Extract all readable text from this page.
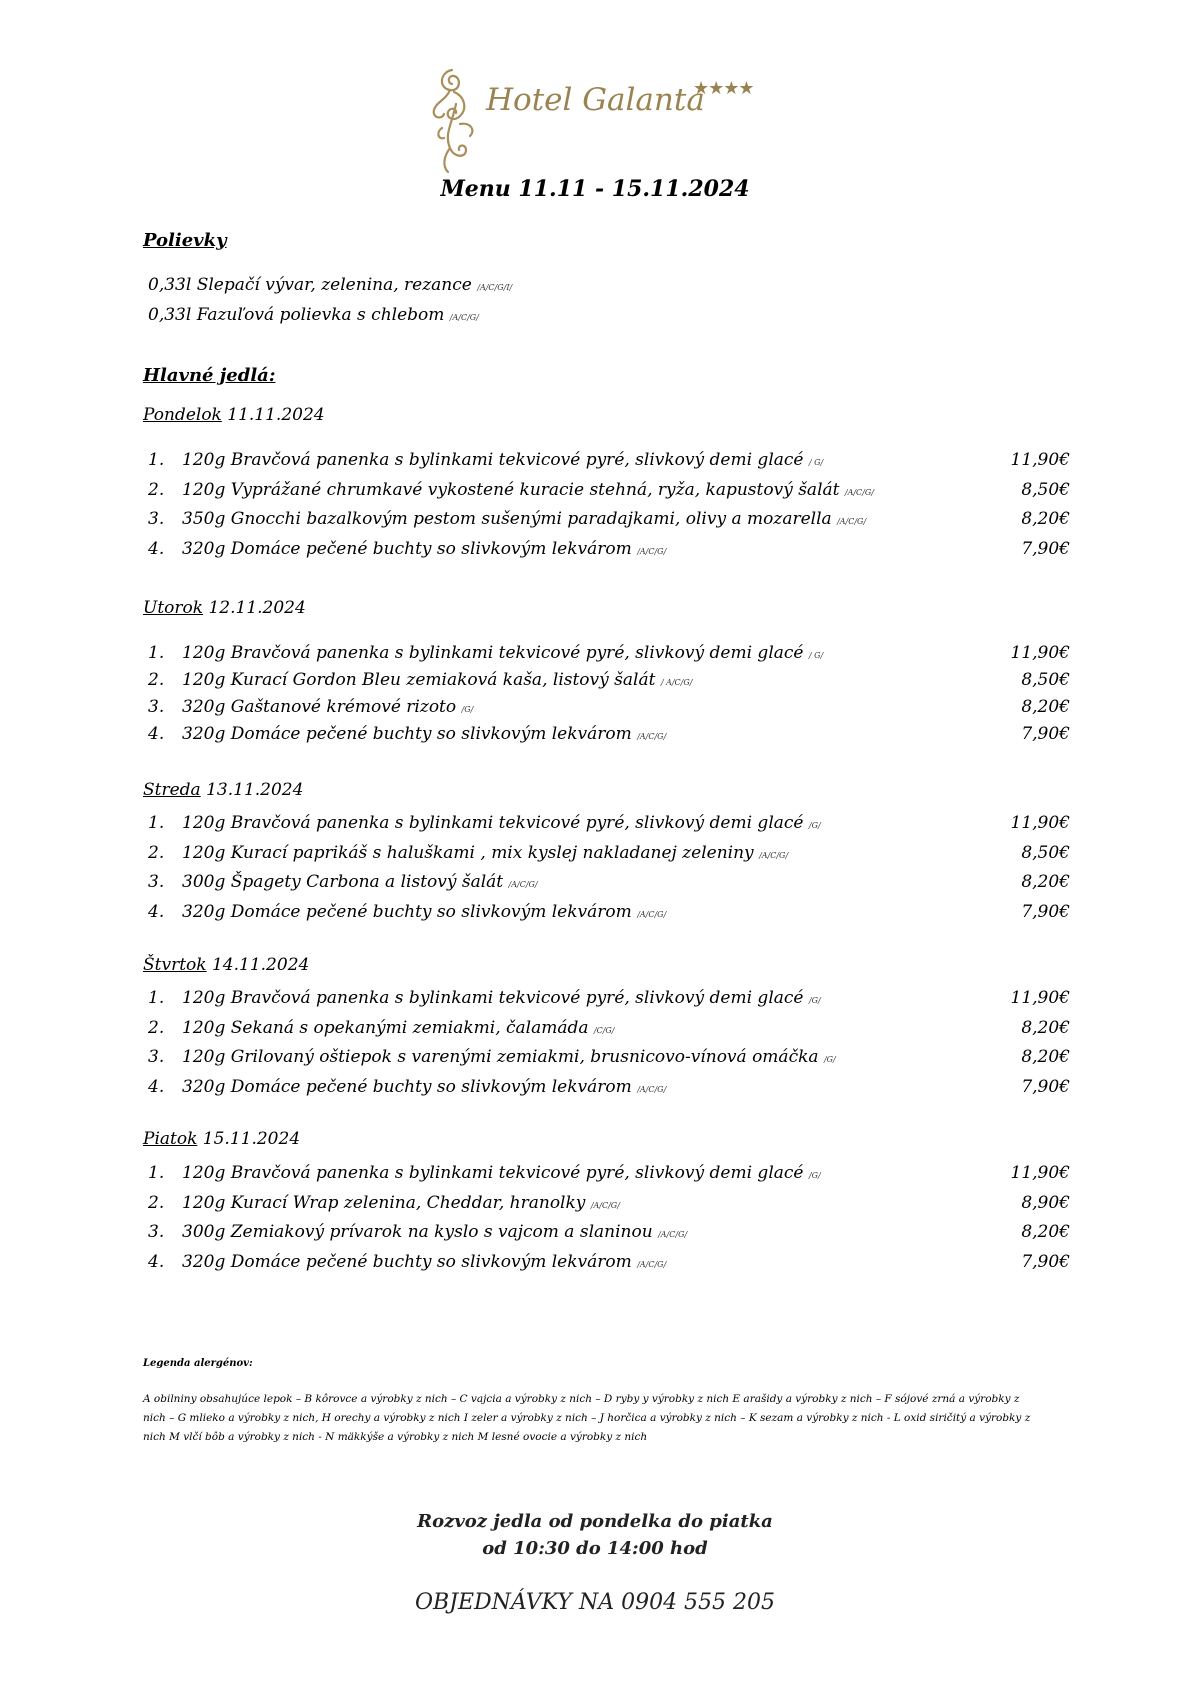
Hotel Galanta
★★★★
Menu 11.11 - 15.11.2024
Polievky
0,33l Slepačí vývar, zelenina, rezance /A/C/G/I/
0,33l Fazuľová polievka s chlebom /A/C/G/
Hlavné jedlá:
Pondelok 11.11.2024
1. 120g Bravčová panenka s bylinkami tekvicové pyré, slivkový demi glacé / G/	11,90€
2. 120g Vyprážané chrumkavé vykostené kuracie stehná, ryža, kapustový šalát /A/C/G/	8,50€
3. 350g Gnocchi bazalkovým pestom sušenými paradajkami, olivy a mozarella /A/C/G/	8,20€
4. 320g Domáce pečené buchty so slivkovým lekvárom /A/C/G/	7,90€
Utorok 12.11.2024
1. 120g Bravčová panenka s bylinkami tekvicové pyré, slivkový demi glacé / G/	11,90€
2. 120g Kurací Gordon Bleu zemiaková kaša, listový šalát / A/C/G/	8,50€
3. 320g Gaštanové krémové rizoto /G/	8,20€
4. 320g Domáce pečené buchty so slivkovým lekvárom /A/C/G/	7,90€
Streda 13.11.2024
1. 120g Bravčová panenka s bylinkami tekvicové pyré, slivkový demi glacé /G/	11,90€
2. 120g Kurací paprikáš s haluškami , mix kyslej nakladanej zeleniny /A/C/G/	8,50€
3. 300g Špagety Carbona a listový šalát /A/C/G/	8,20€
4. 320g Domáce pečené buchty so slivkovým lekvárom /A/C/G/	7,90€
Štvrtok 14.11.2024
1. 120g Bravčová panenka s bylinkami tekvicové pyré, slivkový demi glacé /G/	11,90€
2. 120g Sekaná s opekanými zemiakmi, čalamáda /C/G/	8,20€
3. 120g Grilovaný oštiepok s varenými zemiakmi, brusnicovo-vínová omáčka /G/	8,20€
4. 320g Domáce pečené buchty so slivkovým lekvárom /A/C/G/	7,90€
Piatok 15.11.2024
1. 120g Bravčová panenka s bylinkami tekvicové pyré, slivkový demi glacé /G/	11,90€
2. 120g Kurací Wrap zelenina, Cheddar, hranolky /A/C/G/	8,90€
3. 300g Zemiakový prívarok na kyslo s vajcom a slaninou /A/C/G/	8,20€
4. 320g Domáce pečené buchty so slivkovým lekvárom /A/C/G/	7,90€
Legenda alergénov:
A obilniny obsahujúce lepok – B kôrovce a výrobky z nich – C vajcia a výrobky z nich – D ryby y výrobky z nich E arašidy a výrobky z nich – F sójové zrná a výrobky z nich – G mlieko a výrobky z nich, H orechy a výrobky z nich I zeler a výrobky z nich – J horčica a výrobky z nich – K sezam a výrobky z nich - L oxid siričitý a výrobky z nich M vlčí bôb a výrobky z nich - N mäkkýše a výrobky z nich M lesné ovocie a výrobky z nich
Rozvoz jedla od pondelka do piatka
od 10:30 do 14:00 hod
OBJEDNÁVKY NA 0904 555 205
